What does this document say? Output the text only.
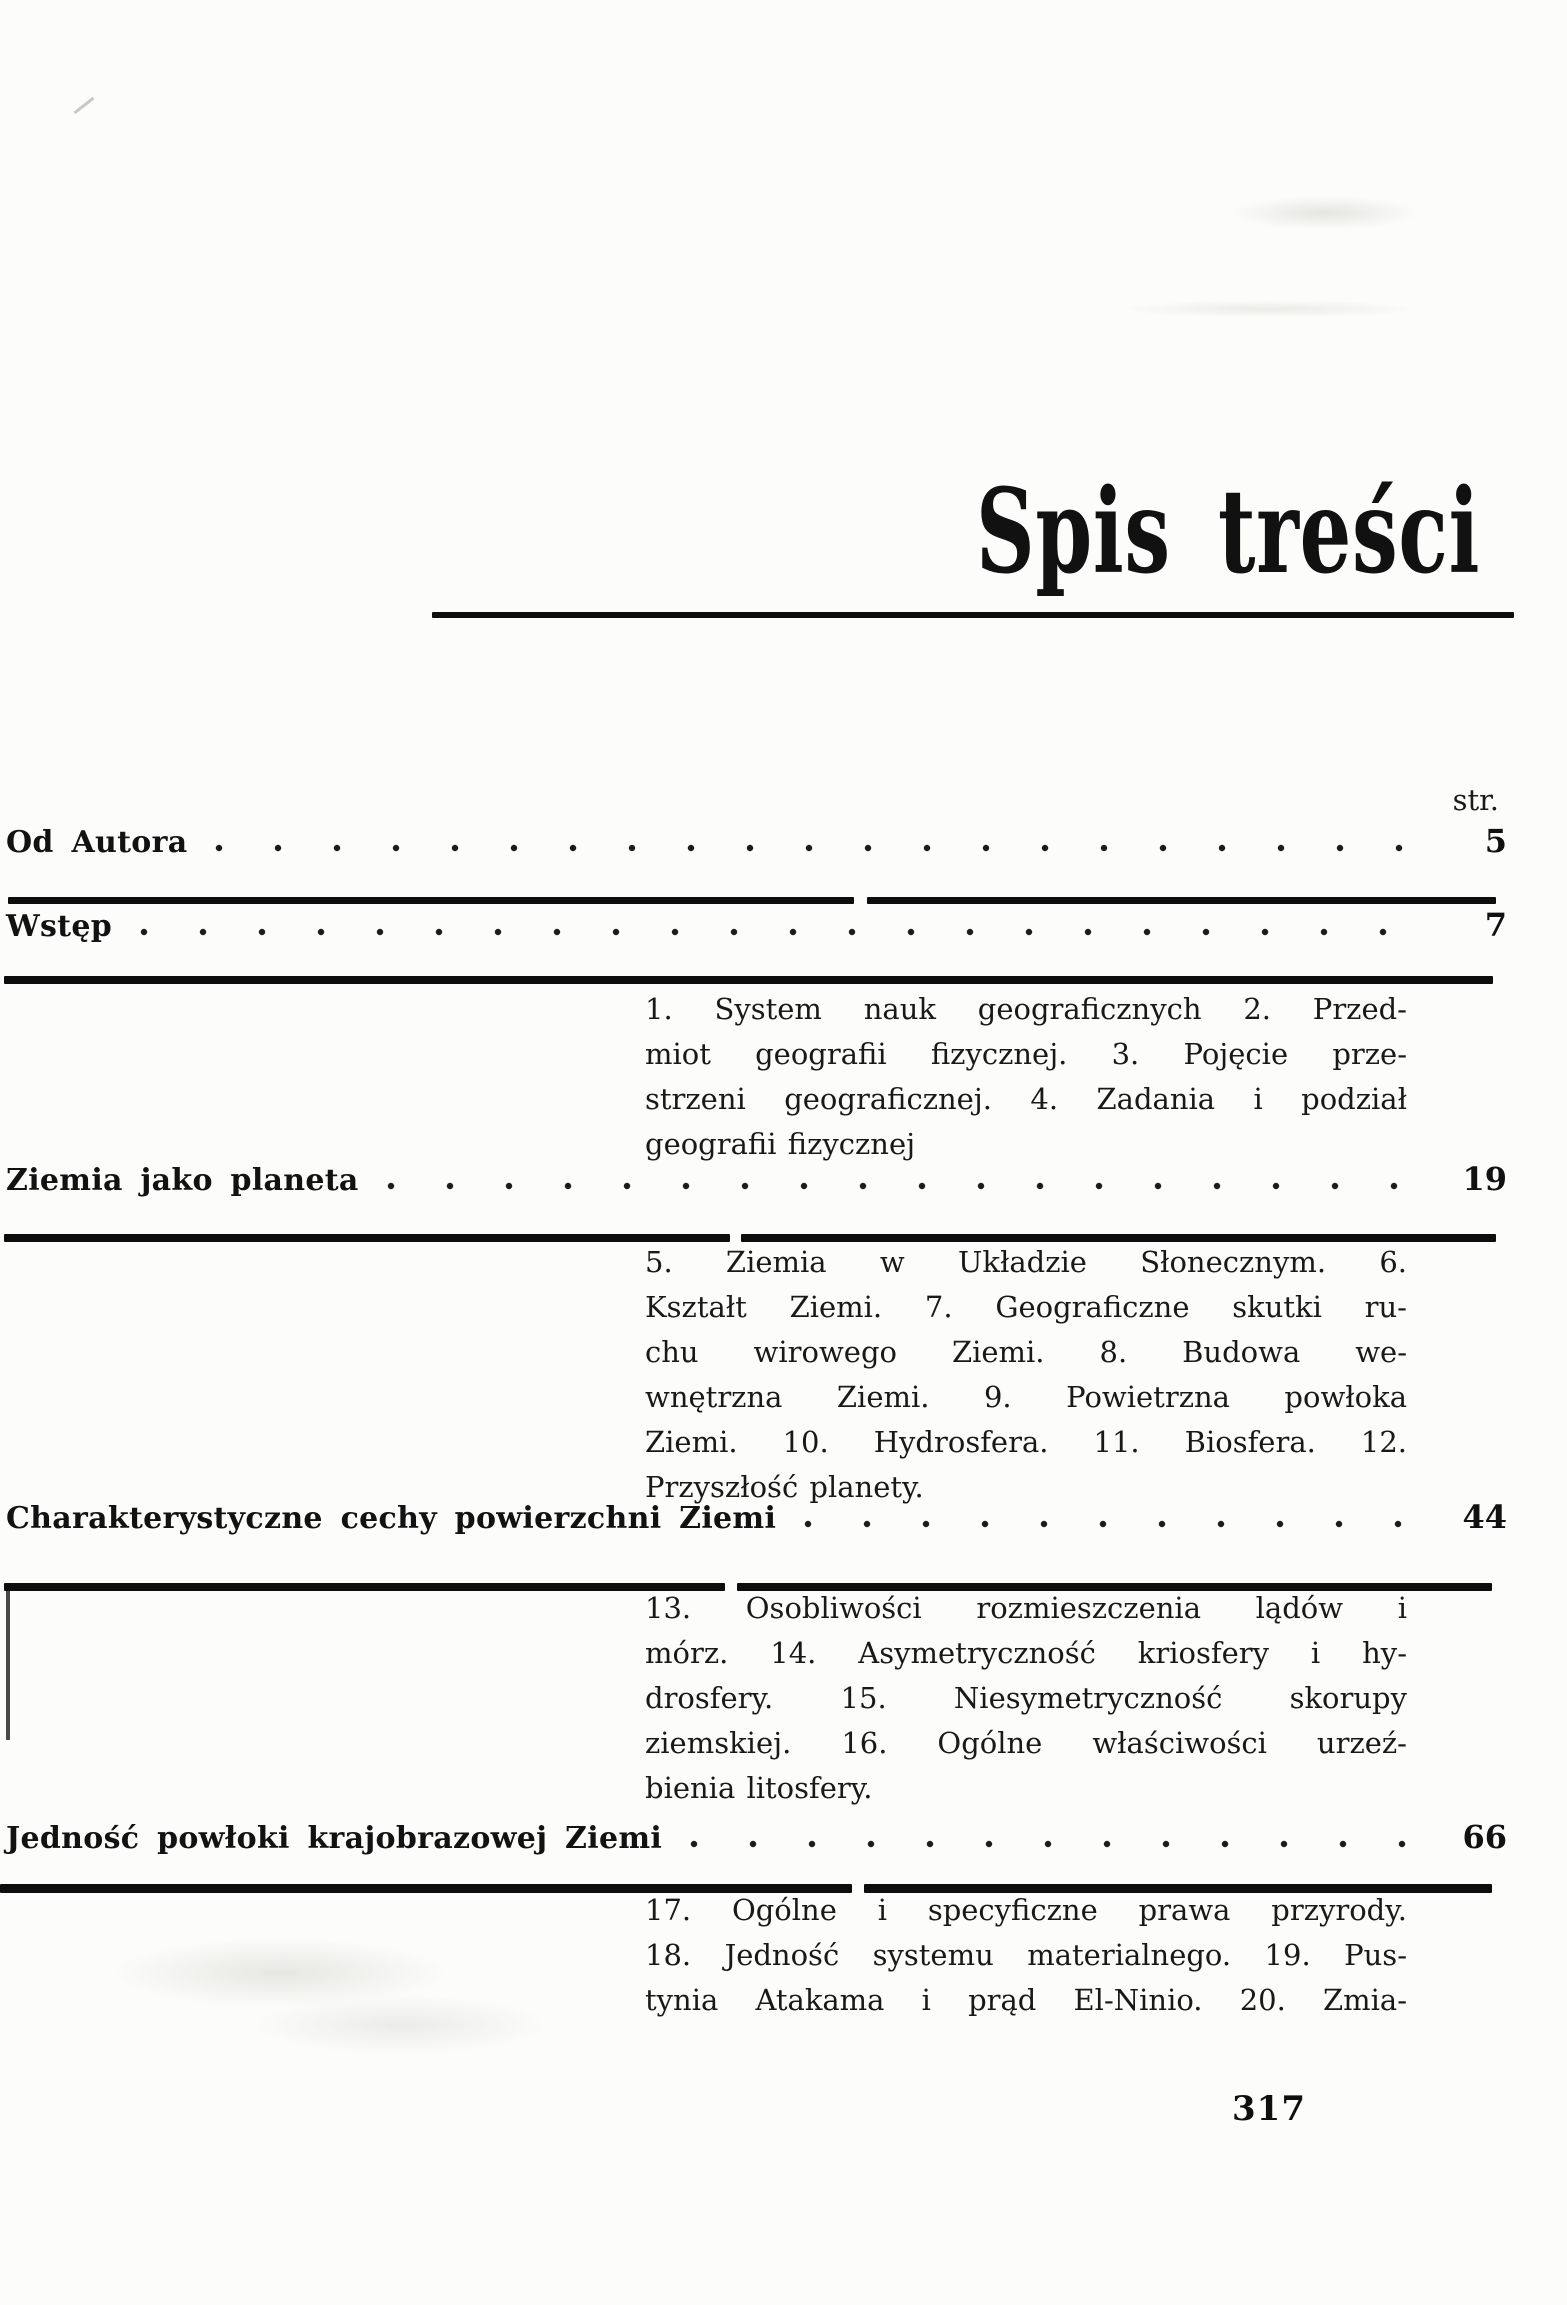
Spis treści
str.
Od Autora	5
Wstęp	7
1. System nauk geograficznych 2. Przed-
miot geografii fizycznej. 3. Pojęcie prze-
strzeni geograficznej. 4. Zadania i podział
geografii fizycznej
Ziemia jako planeta	19
5. Ziemia w Układzie Słonecznym. 6.
Kształt Ziemi. 7. Geograficzne skutki ru-
chu wirowego Ziemi. 8. Budowa we-
wnętrzna Ziemi. 9. Powietrzna powłoka
Ziemi. 10. Hydrosfera. 11. Biosfera. 12.
Przyszłość planety.
Charakterystyczne cechy powierzchni Ziemi	44
13. Osobliwości rozmieszczenia lądów i
mórz. 14. Asymetryczność kriosfery i hy-
drosfery. 15. Niesymetryczność skorupy
ziemskiej. 16. Ogólne właściwości urzeź-
bienia litosfery.
Jedność powłoki krajobrazowej Ziemi	66
17. Ogólne i specyficzne prawa przyrody.
18. Jedność systemu materialnego. 19. Pus-
tynia Atakama i prąd El-Ninio. 20. Zmia-
317
